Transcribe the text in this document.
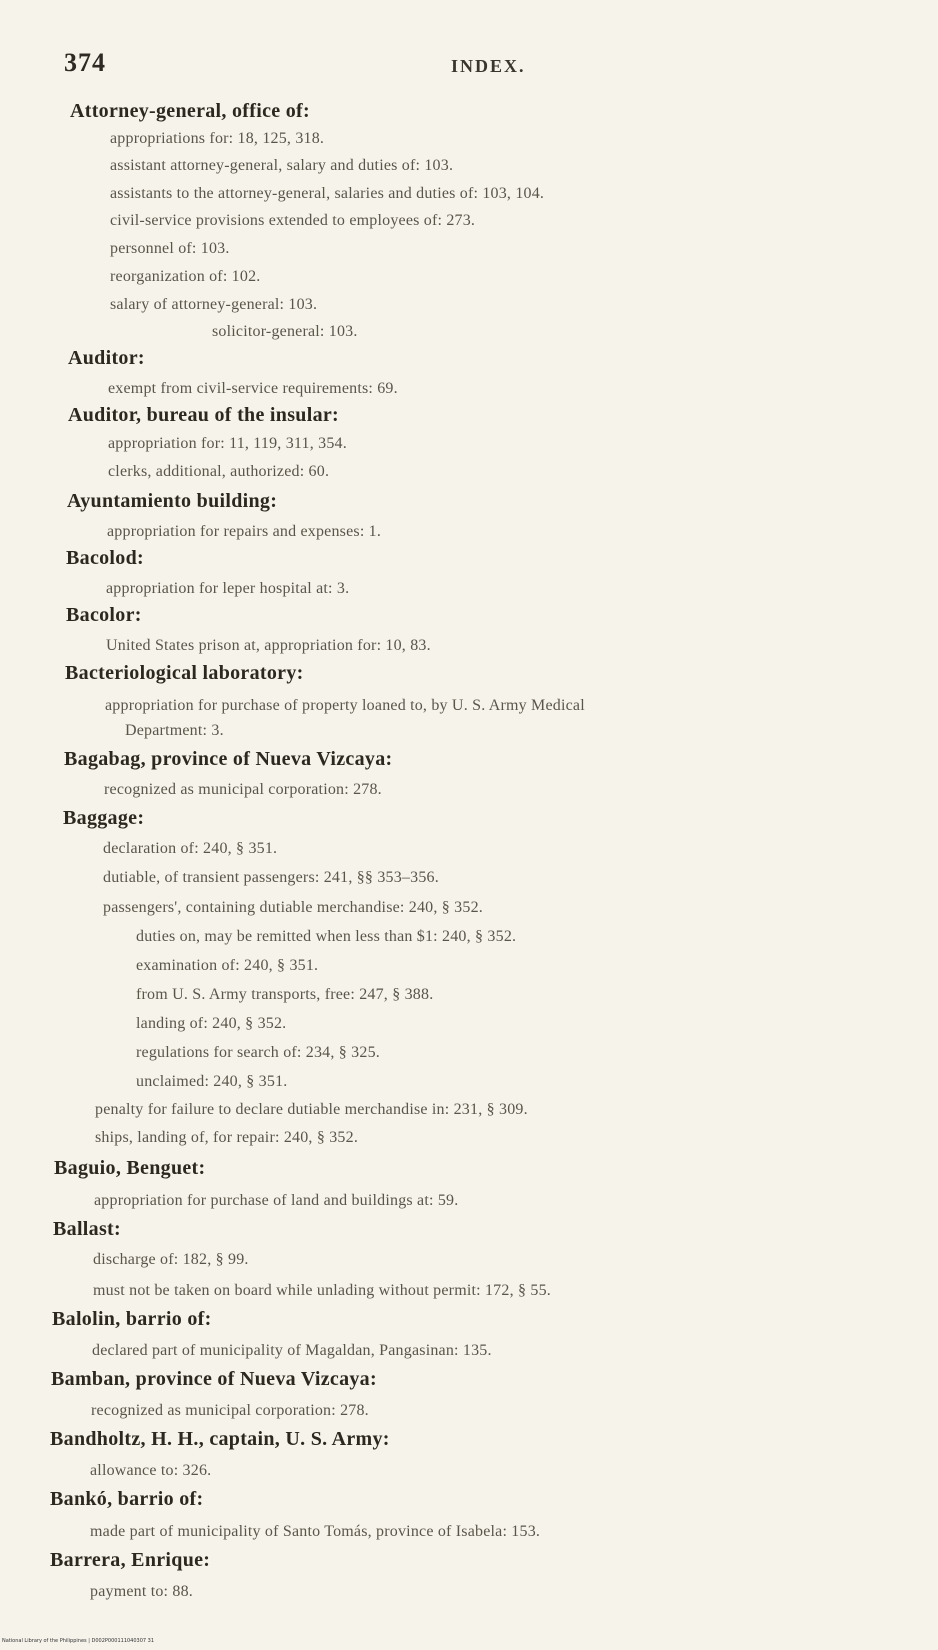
374	INDEX.
Attorney-general, office of:
appropriations for: 18, 125, 318.
assistant attorney-general, salary and duties of: 103.
assistants to the attorney-general, salaries and duties of: 103, 104.
civil-service provisions extended to employees of: 273.
personnel of: 103.
reorganization of: 102.
salary of attorney-general: 103.
solicitor-general: 103.
Auditor:
exempt from civil-service requirements: 69.
Auditor, bureau of the insular:
appropriation for: 11, 119, 311, 354.
clerks, additional, authorized: 60.
Ayuntamiento building:
appropriation for repairs and expenses: 1.
Bacolod:
appropriation for leper hospital at: 3.
Bacolor:
United States prison at, appropriation for: 10, 83.
Bacteriological laboratory:
appropriation for purchase of property loaned to, by U. S. Army Medical
Department: 3.
Bagabag, province of Nueva Vizcaya:
recognized as municipal corporation: 278.
Baggage:
declaration of: 240, § 351.
dutiable, of transient passengers: 241, §§ 353–356.
passengers', containing dutiable merchandise: 240, § 352.
duties on, may be remitted when less than $1: 240, § 352.
examination of: 240, § 351.
from U. S. Army transports, free: 247, § 388.
landing of: 240, § 352.
regulations for search of: 234, § 325.
unclaimed: 240, § 351.
penalty for failure to declare dutiable merchandise in: 231, § 309.
ships, landing of, for repair: 240, § 352.
Baguio, Benguet:
appropriation for purchase of land and buildings at: 59.
Ballast:
discharge of: 182, § 99.
must not be taken on board while unlading without permit: 172, § 55.
Balolin, barrio of:
declared part of municipality of Magaldan, Pangasinan: 135.
Bamban, province of Nueva Vizcaya:
recognized as municipal corporation: 278.
Bandholtz, H. H., captain, U. S. Army:
allowance to: 326.
Bankó, barrio of:
made part of municipality of Santo Tomás, province of Isabela: 153.
Barrera, Enrique:
payment to: 88.
National Library of the Philippines | D002P000111040307 31
